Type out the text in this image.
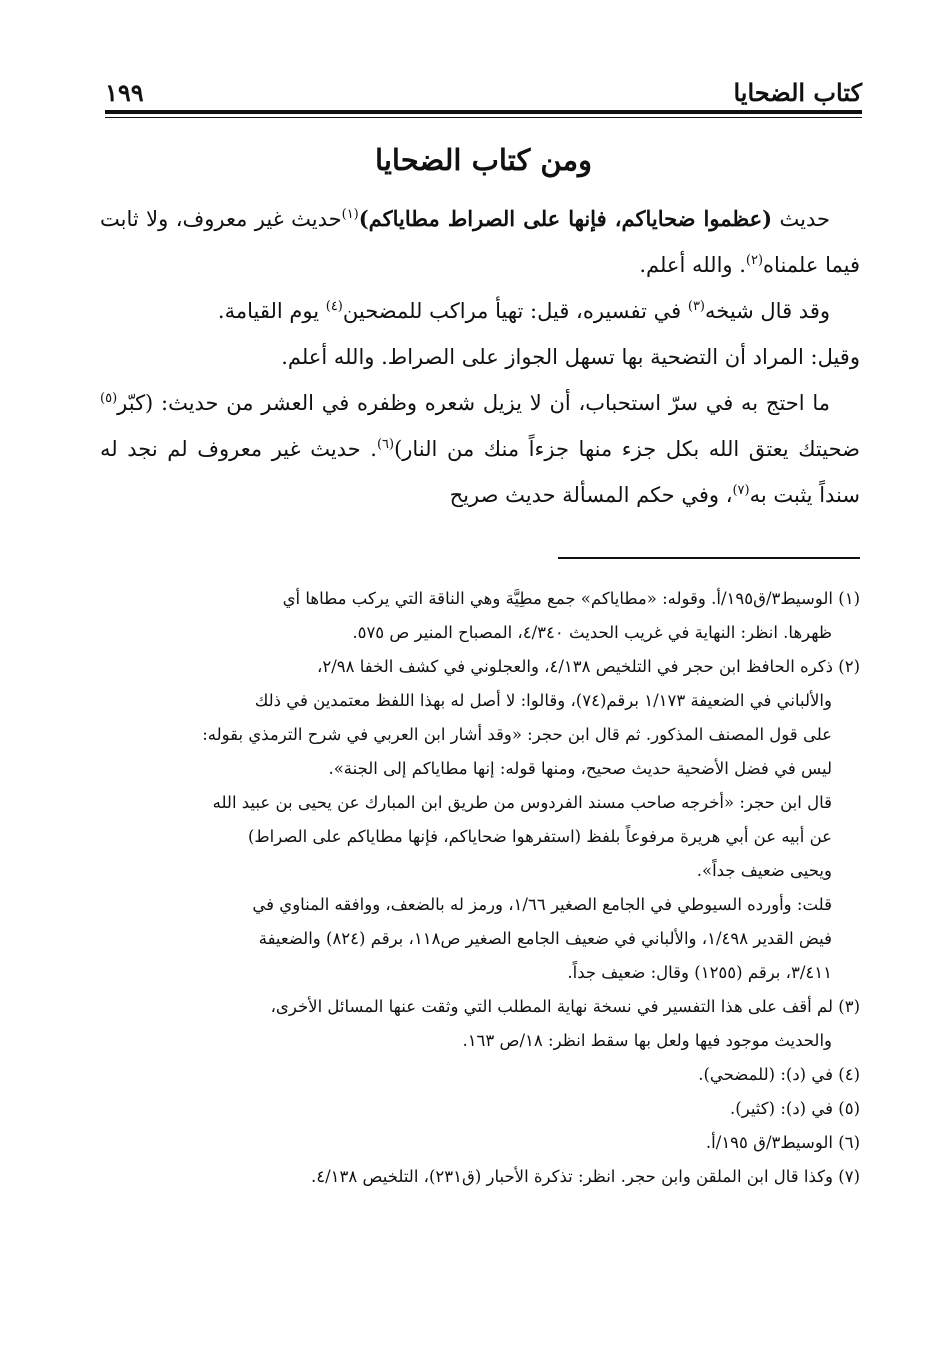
كتاب الضحايا
١٩٩
ومن كتاب الضحايا

حديث (عظموا ضحاياكم، فإنها على الصراط مطاياكم)$^{(١)}$حديث غير معروف، ولا ثابت فيما علمناه$^{(٢)}$. والله أعلم.

وقد قال شيخه$^{(٣)}$ في تفسيره، قيل: تهيأ مراكب للمضحين$^{(٤)}$ يوم القيامة.

وقيل: المراد أن التضحية بها تسهل الجواز على الصراط. والله أعلم.

ما احتج به في سرّ استحباب، أن لا يزيل شعره وظفره في العشر من حديث: (كبّر$^{(٥)}$ ضحيتك يعتق الله بكل جزء منها جزءاً منك من النار)$^{(٦)}$. حديث غير معروف لم نجد له سنداً يثبت به$^{(٧)}$، وفي حكم المسألة حديث صريح

(١) الوسيط٣/ق١٩٥/أ. وقوله: «مطاياكم» جمع مطِيَّة وهي الناقة التي يركب مطاها أي

ظهرها. انظر: النهاية في غريب الحديث ٤/٣٤٠، المصباح المنير ص ٥٧٥.

(٢) ذكره الحافظ ابن حجر في التلخيص ٤/١٣٨، والعجلوني في كشف الخفا ٢/٩٨،

والألباني في الضعيفة ١/١٧٣ برقم(٧٤)، وقالوا: لا أصل له بهذا اللفظ معتمدين في ذلك

على قول المصنف المذكور. ثم قال ابن حجر: «وقد أشار ابن العربي في شرح الترمذي بقوله:

ليس في فضل الأضحية حديث صحيح، ومنها قوله: إنها مطاياكم إلى الجنة».

قال ابن حجر: «أخرجه صاحب مسند الفردوس من طريق ابن المبارك عن يحيى بن عبيد الله

عن أبيه عن أبي هريرة مرفوعاً بلفظ (استفرهوا ضحاياكم، فإنها مطاياكم على الصراط)

ويحيى ضعيف جداً».

قلت: وأورده السيوطي في الجامع الصغير ١/٦٦، ورمز له بالضعف، ووافقه المناوي في

فيض القدير ١/٤٩٨، والألباني في ضعيف الجامع الصغير ص١١٨، برقم (٨٢٤) والضعيفة

٣/٤١١، برقم (١٢٥٥) وقال: ضعيف جداً.

(٣) لم أقف على هذا التفسير في نسخة نهاية المطلب التي وثقت عنها المسائل الأخرى،

والحديث موجود فيها ولعل بها سقط انظر: ١٨/ص ١٦٣.

(٤) في (د): (للمضحي).

(٥) في (د): (كثير).

(٦) الوسيط٣/ق ١٩٥/أ.

(٧) وكذا قال ابن الملقن وابن حجر. انظر: تذكرة الأحبار (ق٢٣١)، التلخيص ٤/١٣٨.
